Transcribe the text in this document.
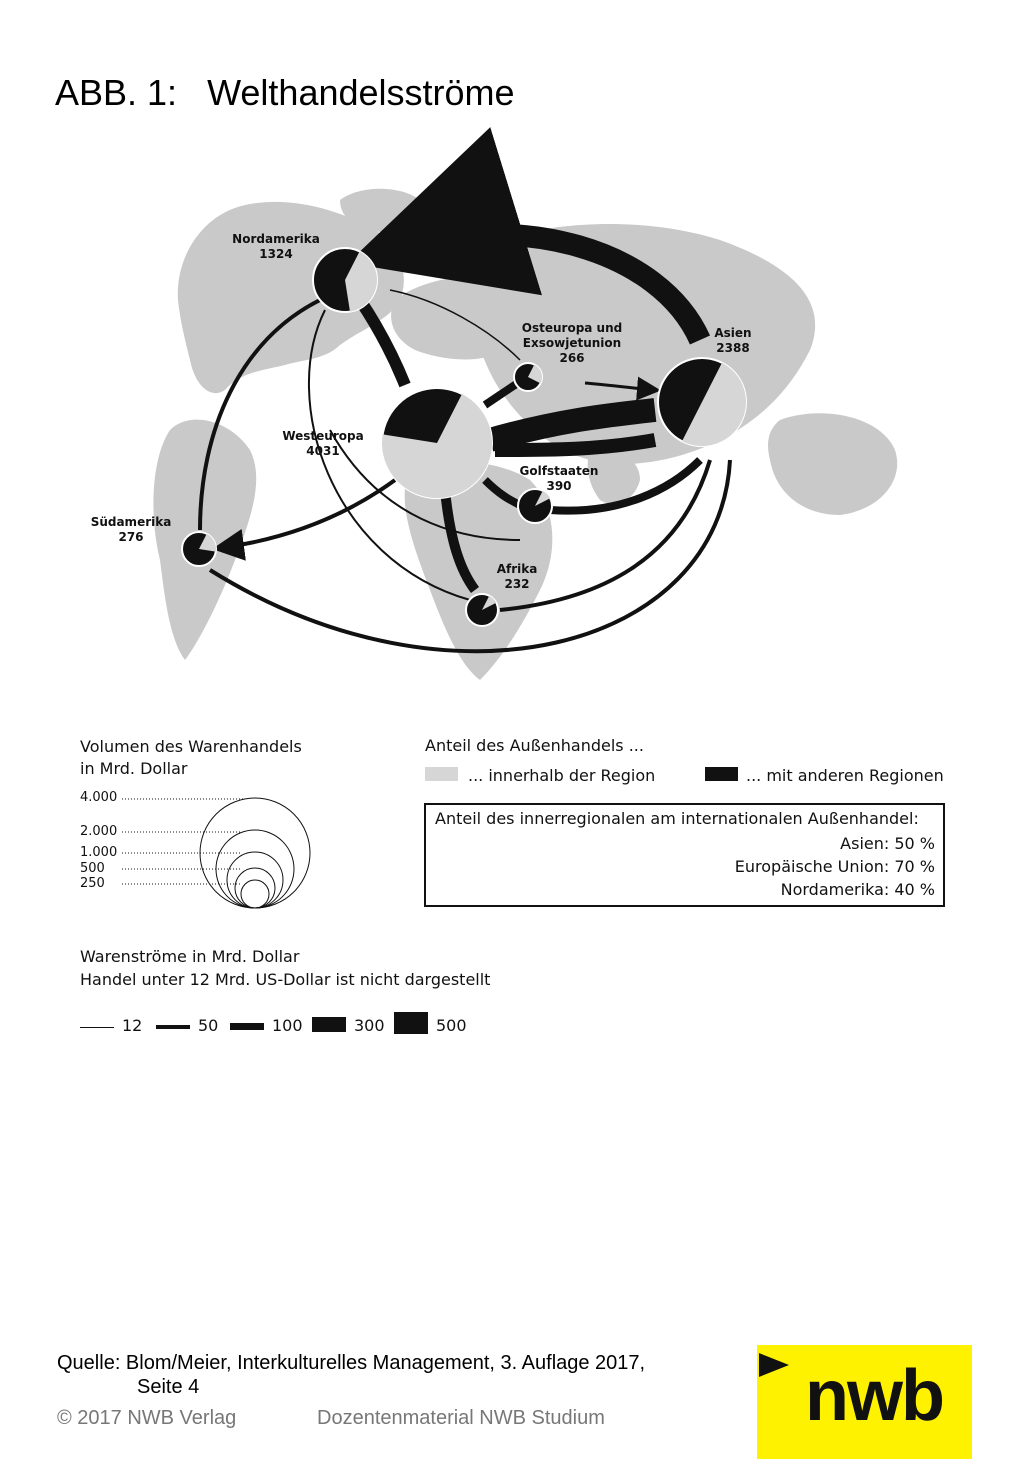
ABB. 1:   Welthandelsströme
Nordamerika
1324
Westeuropa
4031
Asien
2388
Osteuropa und
Exsowjetunion
266
Golfstaaten
390
Südamerika
276
Afrika
232
Volumen des Warenhandels
in Mrd. Dollar
4.000
2.000
1.000
500
250
Anteil des Außenhandels ...
... innerhalb der Region	... mit anderen Regionen
Anteil des innerregionalen am internationalen Außenhandel:
Asien: 50 %
Europäische Union: 70 %
Nordamerika: 40 %
Warenströme in Mrd. Dollar
Handel unter 12 Mrd. US-Dollar ist nicht dargestellt
12	50	100	300	500
Quelle: Blom/Meier, Interkulturelles Management, 3. Auflage 2017,
Seite 4
© 2017 NWB Verlag	Dozentenmaterial NWB Studium	nwb
